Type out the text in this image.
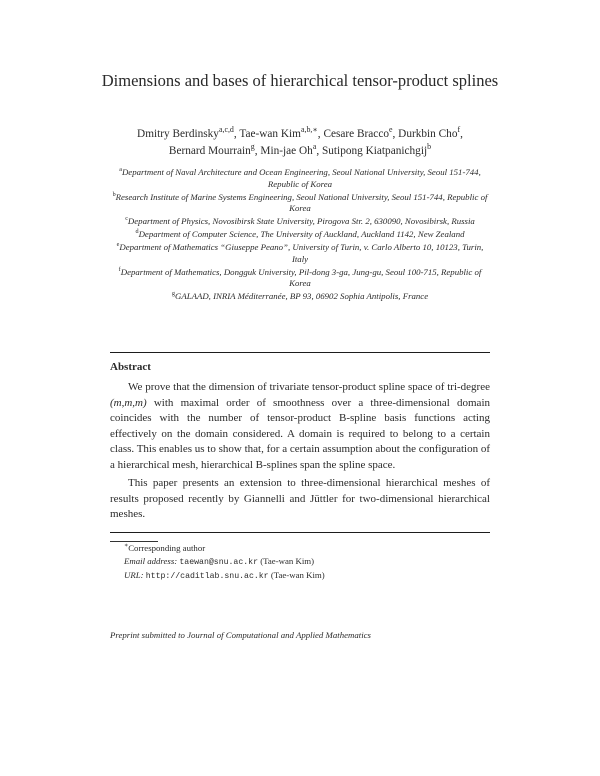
Dimensions and bases of hierarchical tensor-product splines
Dmitry Berdinsky$^{a,c,d}$, Tae-wan Kim$^{a,b,∗}$, Cesare Bracco$^e$, Durkbin Cho$^f$,
Bernard Mourrain$^g$, Min-jae Oh$^a$, Sutipong Kiatpanichgij$^b$
$^a$Department of Naval Architecture and Ocean Engineering, Seoul National University, Seoul 151-744, Republic of Korea
$^b$Research Institute of Marine Systems Engineering, Seoul National University, Seoul 151-744, Republic of Korea
$^c$Department of Physics, Novosibirsk State University, Pirogova Str. 2, 630090, Novosibirsk, Russia
$^d$Department of Computer Science, The University of Auckland, Auckland 1142, New Zealand
$^e$Department of Mathematics “Giuseppe Peano”, University of Turin, v. Carlo Alberto 10, 10123, Turin, Italy
$^f$Department of Mathematics, Dongguk University, Pil-dong 3-ga, Jung-gu, Seoul 100-715, Republic of Korea
$^g$GALAAD, INRIA Méditerranée, BP 93, 06902 Sophia Antipolis, France
Abstract

We prove that the dimension of trivariate tensor-product spline space of tri-degree (m,m,m) with maximal order of smoothness over a three-dimensional domain coincides with the number of tensor-product B-spline basis functions acting effectively on the domain considered. A domain is required to belong to a certain class. This enables us to show that, for a certain assumption about the configuration of a hierarchical mesh, hierarchical B-splines span the spline space.

This paper presents an extension to three-dimensional hierarchical meshes of results proposed recently by Giannelli and Jüttler for two-dimensional hierarchical meshes.

∗Corresponding author
Email address: taewan@snu.ac.kr (Tae-wan Kim)
URL: http://caditlab.snu.ac.kr (Tae-wan Kim)
Preprint submitted to Journal of Computational and Applied Mathematics
